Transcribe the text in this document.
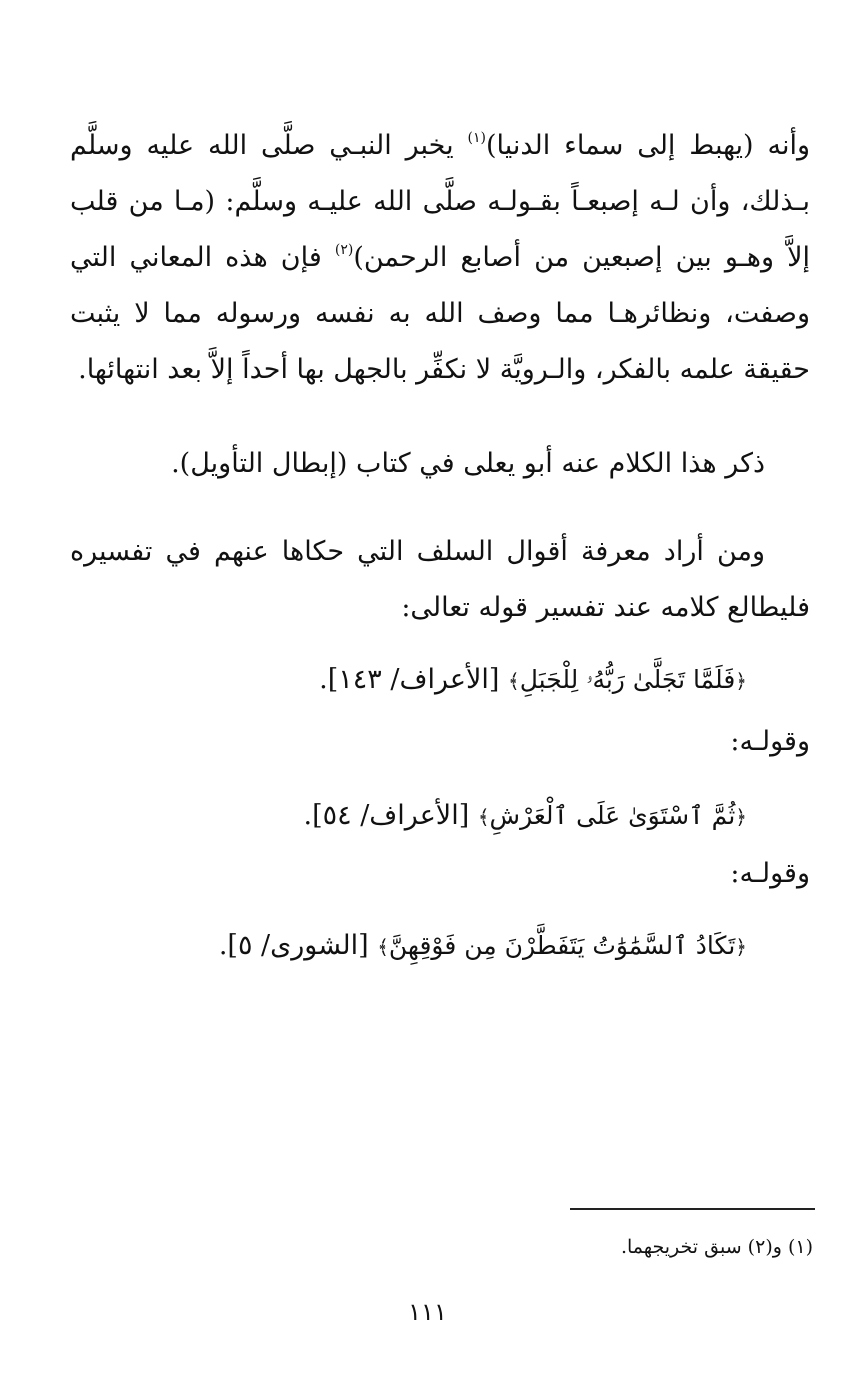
وأنه (يهبط إلى سماء الدنيا)$^{(١)}$ يخبر النبـي صلَّى الله عليه وسلَّم بـذلك، وأن لـه إصبعـاً بقـولـه صلَّى الله عليـه وسلَّم: (مـا من قلب إلاَّ وهـو بين إصبعين من أصابع الرحمن)$^{(٢)}$ فإن هذه المعاني التي وصفت، ونظائرهـا مما وصف الله به نفسه ورسوله مما لا يثبت حقيقة علمه بالفكر، والـرويَّة لا نكفِّر بالجهل بها أحداً إلاَّ بعد انتهائها.

ذكر هذا الكلام عنه أبو يعلى في كتاب (إبطال التأويل).

ومن أراد معرفة أقوال السلف التي حكاها عنهم في تفسيره فليطالع كلامه عند تفسير قوله تعالى:

﴿فَلَمَّا تَجَلَّىٰ رَبُّهُۥ لِلْجَبَلِ﴾ [الأعراف/ ١٤٣].

وقولـه:

﴿ثُمَّ ٱسْتَوَىٰ عَلَى ٱلْعَرْشِ﴾ [الأعراف/ ٥٤].

وقولـه:

﴿تَكَادُ ٱلسَّمَٰوَٰتُ يَتَفَطَّرْنَ مِن فَوْقِهِنَّ﴾ [الشورى/ ٥].

(١) و(٢) سبق تخريجهما.

١١١
